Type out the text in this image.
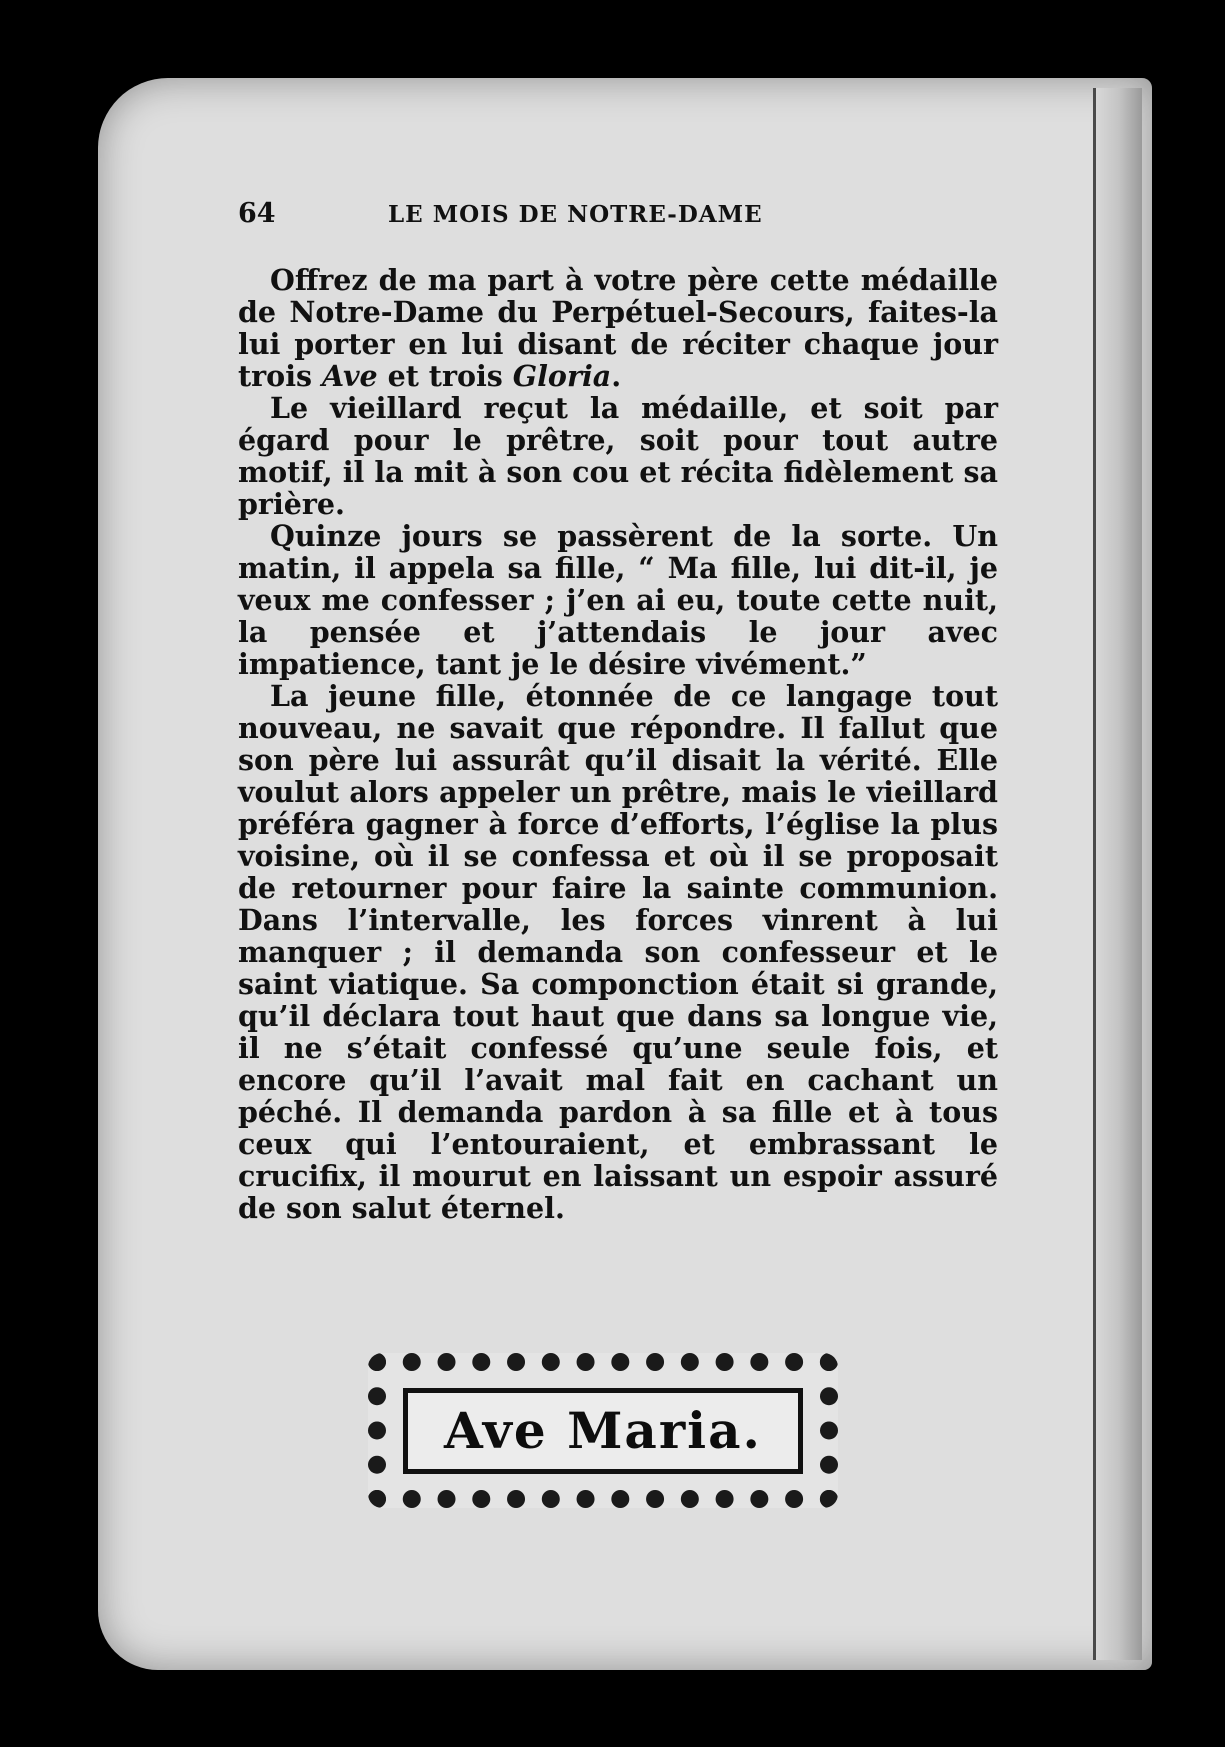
64	LE MOIS DE NOTRE-DAME

Offrez de ma part à votre père cette médaille de Notre-Dame du Perpétuel-Secours, faites-la lui porter en lui disant de réciter chaque jour trois Ave et trois Gloria.

Le vieillard reçut la médaille, et soit par égard pour le prêtre, soit pour tout autre motif, il la mit à son cou et récita fidèlement sa prière.

Quinze jours se passèrent de la sorte. Un matin, il appela sa fille, “ Ma fille, lui dit-il, je veux me confesser ; j’en ai eu, toute cette nuit, la pensée et j’attendais le jour avec impatience, tant je le désire vivément.”

La jeune fille, étonnée de ce langage tout nouveau, ne savait que répondre. Il fallut que son père lui assurât qu’il disait la vérité. Elle voulut alors appeler un prêtre, mais le vieillard préféra gagner à force d’efforts, l’église la plus voisine, où il se confessa et où il se proposait de retourner pour faire la sainte communion. Dans l’intervalle, les forces vinrent à lui manquer ; il demanda son confesseur et le saint viatique. Sa componction était si grande, qu’il déclara tout haut que dans sa longue vie, il ne s’était confessé qu’une seule fois, et encore qu’il l’avait mal fait en cachant un péché. Il demanda pardon à sa fille et à tous ceux qui l’entouraient, et embrassant le crucifix, il mourut en laissant un espoir assuré de son salut éternel.

Ave Maria.
